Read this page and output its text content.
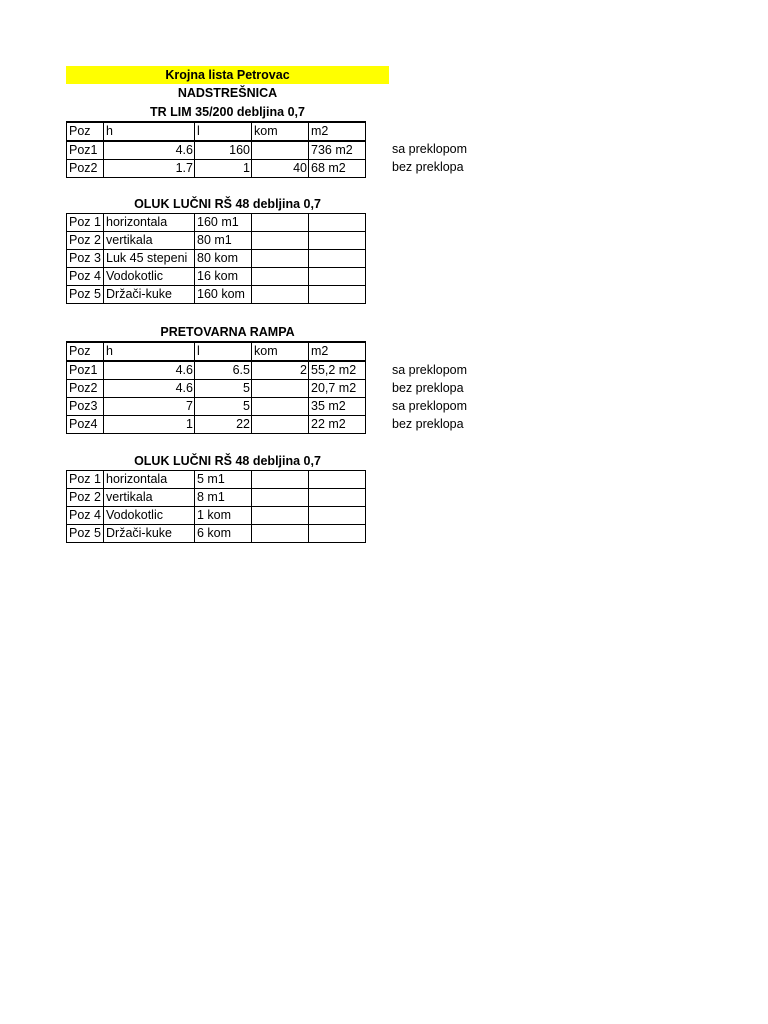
Krojna lista Petrovac
NADSTREŠNICA
TR LIM 35/200 debljina 0,7
Poz	h	l	kom	m2
Poz1	4.6	160		736 m2
Poz2	1.7	1	40	68 m2
sa preklopom
bez preklopa
OLUK LUČNI RŠ 48 debljina 0,7
Poz 1	horizontala	160 m1		
Poz 2	vertikala	80 m1		
Poz 3	Luk 45 stepeni	80 kom		
Poz 4	Vodokotlic	16 kom		
Poz 5	Držači-kuke	160 kom		
PRETOVARNA RAMPA
Poz	h	l	kom	m2
Poz1	4.6	6.5	2	55,2 m2
Poz2	4.6	5		20,7 m2
Poz3	7	5		35 m2
Poz4	1	22		22 m2
sa preklopom
bez preklopa
sa preklopom
bez preklopa
OLUK LUČNI RŠ 48 debljina 0,7
Poz 1	horizontala	5 m1		
Poz 2	vertikala	8 m1		
Poz 4	Vodokotlic	1 kom		
Poz 5	Držači-kuke	6 kom		
